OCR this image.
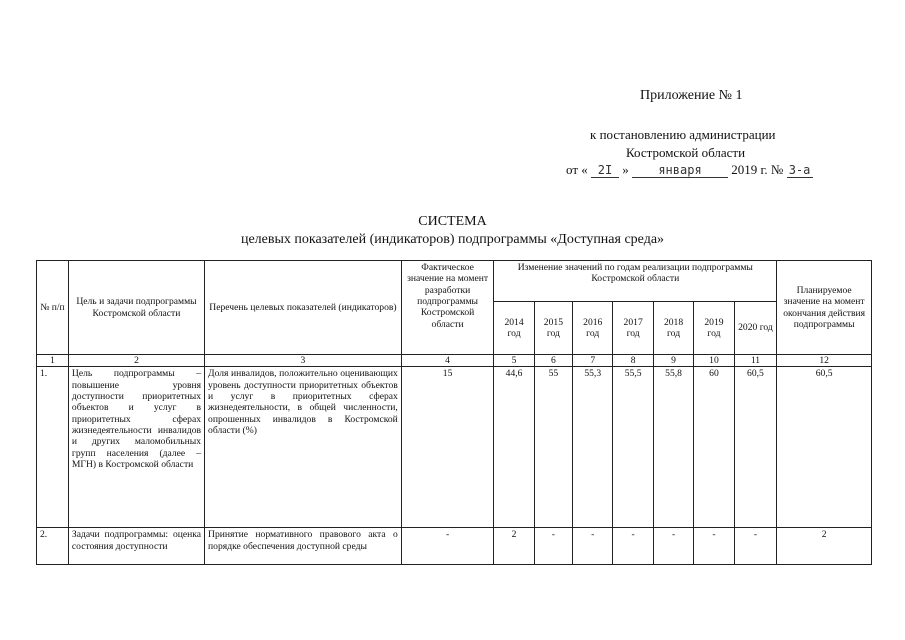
Приложение № 1
к постановлению администрации
Костромской области
от « 2I » января 2019 г. № 3-а
СИСТЕМА
целевых показателей (индикаторов) подпрограммы «Доступная среда»
№ п/п	Цель и задачи подпрограммы Костромской области	Перечень целевых показателей (индикаторов)	Фактическое значение на момент разработки подпрограммы Костромской области	Изменение значений по годам реализации подпрограммы Костромской области							Планируемое значение на момент окончания действия подпрограммы
				2014 год	2015 год	2016 год	2017 год	2018 год	2019 год	2020 год	
1	2	3	4	5	6	7	8	9	10	11	12
1.	Цель подпрограммы – повышение уровня доступности приоритетных объектов и услуг в приоритетных сферах жизнедеятельности инвалидов и других маломобильных групп населения (далее – МГН) в Костромской области	Доля инвалидов, положительно оценивающих уровень доступности приоритетных объектов и услуг в приоритетных сферах жизнедеятельности, в общей численности, опрошенных инвалидов в Костромской области (%)	15	44,6	55	55,3	55,5	55,8	60	60,5	60,5
2.	Задачи подпрограммы: оценка состояния доступности	Принятие нормативного правового акта о порядке обеспечения доступной среды	-	2	-	-	-	-	-	-	2
